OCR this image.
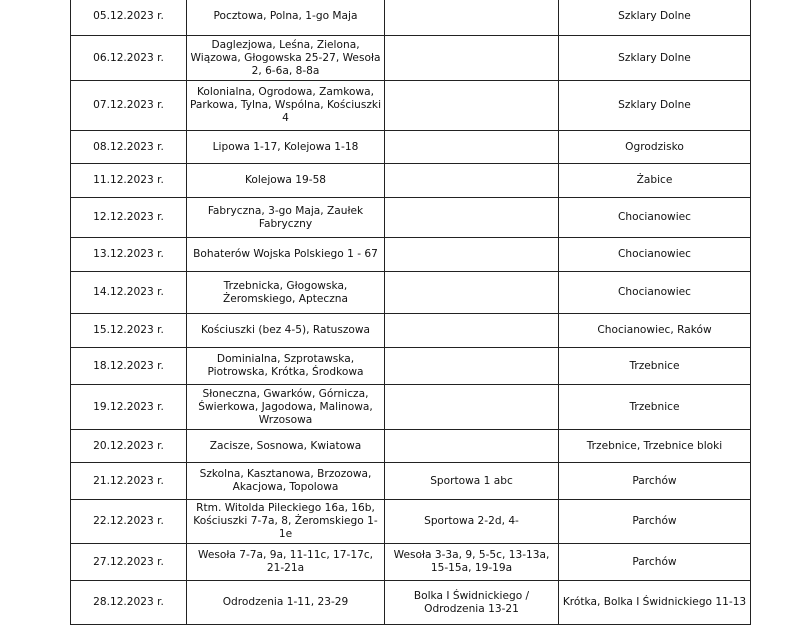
05.12.2023 r.	Pocztowa, Polna, 1-go Maja		Szklary Dolne
06.12.2023 r.	Daglezjowa, Leśna, Zielona, Wiązowa, Głogowska 25-27, Wesoła 2, 6-6a, 8-8a		Szklary Dolne
07.12.2023 r.	Kolonialna, Ogrodowa, Zamkowa, Parkowa, Tylna, Wspólna, Kościuszki 4		Szklary Dolne
08.12.2023 r.	Lipowa 1-17, Kolejowa 1-18		Ogrodzisko
11.12.2023 r.	Kolejowa 19-58		Żabice
12.12.2023 r.	Fabryczna, 3-go Maja, Zaułek Fabryczny		Chocianowiec
13.12.2023 r.	Bohaterów Wojska Polskiego 1 - 67		Chocianowiec
14.12.2023 r.	Trzebnicka, Głogowska, Żeromskiego, Apteczna		Chocianowiec
15.12.2023 r.	Kościuszki (bez 4-5), Ratuszowa		Chocianowiec, Raków
18.12.2023 r.	Dominialna, Szprotawska, Piotrowska, Krótka, Środkowa		Trzebnice
19.12.2023 r.	Słoneczna, Gwarków, Górnicza, Świerkowa, Jagodowa, Malinowa, Wrzosowa		Trzebnice
20.12.2023 r.	Zacisze, Sosnowa, Kwiatowa		Trzebnice, Trzebnice bloki
21.12.2023 r.	Szkolna, Kasztanowa, Brzozowa, Akacjowa, Topolowa	Sportowa 1 abc	Parchów
22.12.2023 r.	Rtm. Witolda Pileckiego 16a, 16b, Kościuszki 7-7a, 8, Żeromskiego 1-1e	Sportowa 2-2d, 4-	Parchów
27.12.2023 r.	Wesoła 7-7a, 9a, 11-11c, 17-17c, 21-21a	Wesoła 3-3a, 9, 5-5c, 13-13a, 15-15a, 19-19a	Parchów
28.12.2023 r.	Odrodzenia 1-11, 23-29	Bolka I Świdnickiego / Odrodzenia 13-21	Krótka, Bolka I Świdnickiego 11-13
